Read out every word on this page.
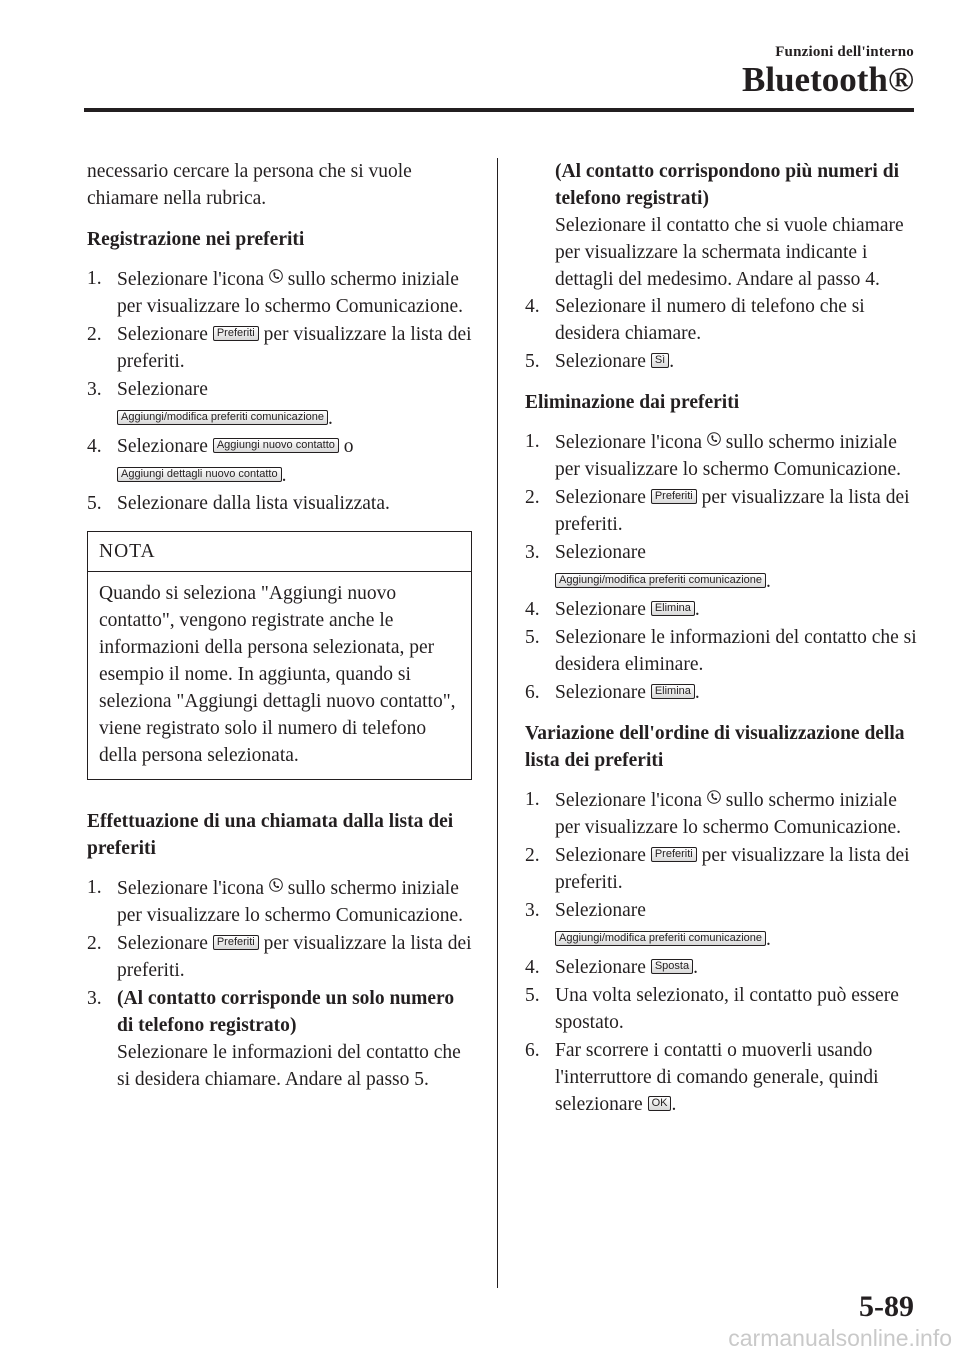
Funzioni dell'interno
Bluetooth®

necessario cercare la persona che si vuole chiamare nella rubrica.

Registrazione nei preferiti

1. Selezionare l'icona sullo schermo iniziale per visualizzare lo schermo Comunicazione.
2. Selezionare Preferiti per visualizzare la lista dei preferiti.
3. Selezionare
Aggiungi/modifica preferiti comunicazione .
4. Selezionare Aggiungi nuovo contatto o
Aggiungi dettagli nuovo contatto .
5. Selezionare dalla lista visualizzata.
NOTA
Quando si seleziona "Aggiungi nuovo contatto", vengono registrate anche le informazioni della persona selezionata, per esempio il nome. In aggiunta, quando si seleziona "Aggiungi dettagli nuovo contatto", viene registrato solo il numero di telefono della persona selezionata.

Effettuazione di una chiamata dalla lista dei preferiti

1. Selezionare l'icona sullo schermo iniziale per visualizzare lo schermo Comunicazione.
2. Selezionare Preferiti per visualizzare la lista dei preferiti.
3. (Al contatto corrisponde un solo numero di telefono registrato)

Selezionare le informazioni del contatto che si desidera chiamare. Andare al passo 5.

(Al contatto corrispondono più numeri di telefono registrati)

Selezionare il contatto che si vuole chiamare per visualizzare la schermata indicante i dettagli del medesimo. Andare al passo 4.

4. Selezionare il numero di telefono che si desidera chiamare.
5. Selezionare Sì .

Eliminazione dai preferiti

1. Selezionare l'icona sullo schermo iniziale per visualizzare lo schermo Comunicazione.
2. Selezionare Preferiti per visualizzare la lista dei preferiti.
3. Selezionare
Aggiungi/modifica preferiti comunicazione .
4. Selezionare Elimina .
5. Selezionare le informazioni del contatto che si desidera eliminare.
6. Selezionare Elimina .

Variazione dell'ordine di visualizzazione della lista dei preferiti

1. Selezionare l'icona sullo schermo iniziale per visualizzare lo schermo Comunicazione.
2. Selezionare Preferiti per visualizzare la lista dei preferiti.
3. Selezionare
Aggiungi/modifica preferiti comunicazione .
4. Selezionare Sposta .
5. Una volta selezionato, il contatto può essere spostato.
6. Far scorrere i contatti o muoverli usando l'interruttore di comando generale, quindi selezionare OK .
5-89
carmanualsonline.info
